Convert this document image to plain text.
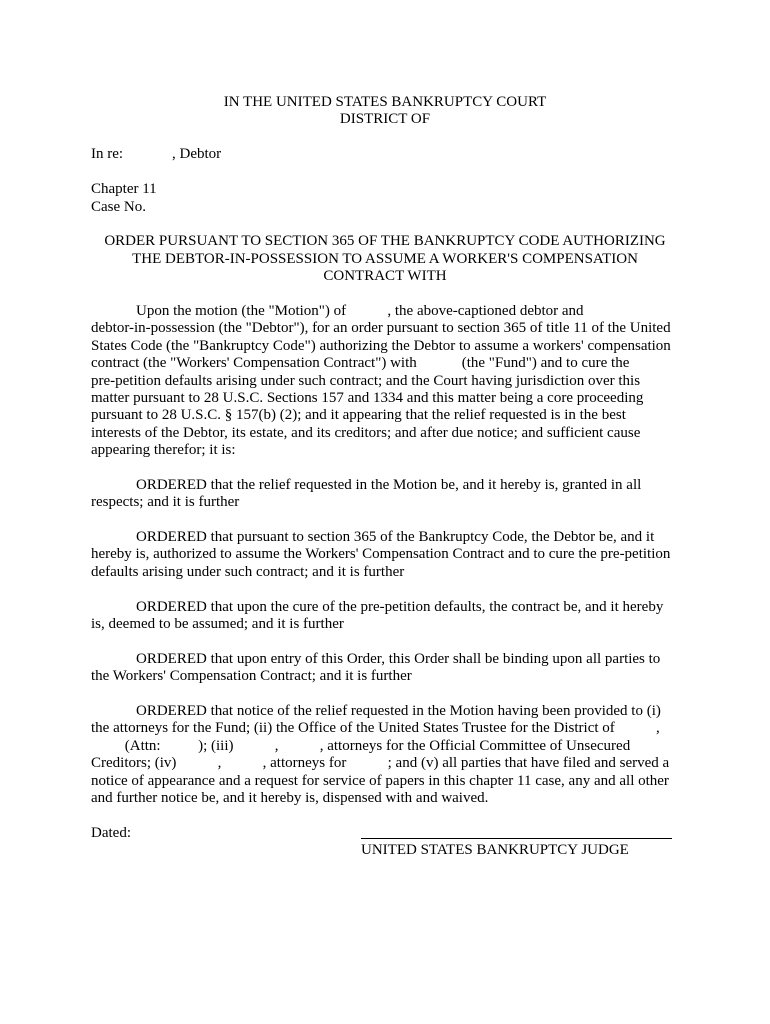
IN THE UNITED STATES BANKRUPTCY COURT
DISTRICT OF
In re:	, Debtor
Chapter 11
Case No.
ORDER PURSUANT TO SECTION 365 OF THE BANKRUPTCY CODE AUTHORIZING
THE DEBTOR-IN-POSSESSION TO ASSUME A WORKER'S COMPENSATION
CONTRACT WITH
Upon the motion (the "Motion") of           , the above-captioned debtor and
debtor-in-possession (the "Debtor"), for an order pursuant to section 365 of title 11 of the United
States Code (the "Bankruptcy Code") authorizing the Debtor to assume a workers' compensation
contract (the "Workers' Compensation Contract") with            (the "Fund") and to cure the
pre-petition defaults arising under such contract; and the Court having jurisdiction over this
matter pursuant to 28 U.S.C. Sections 157 and 1334 and this matter being a core proceeding
pursuant to 28 U.S.C. § 157(b) (2); and it appearing that the relief requested is in the best
interests of the Debtor, its estate, and its creditors; and after due notice; and sufficient cause
appearing therefor; it is:
ORDERED that the relief requested in the Motion be, and it hereby is, granted in all
respects; and it is further
ORDERED that pursuant to section 365 of the Bankruptcy Code, the Debtor be, and it
hereby is, authorized to assume the Workers' Compensation Contract and to cure the pre-petition
defaults arising under such contract; and it is further
ORDERED that upon the cure of the pre-petition defaults, the contract be, and it hereby
is, deemed to be assumed; and it is further
ORDERED that upon entry of this Order, this Order shall be binding upon all parties to
the Workers' Compensation Contract; and it is further
ORDERED that notice of the relief requested in the Motion having been provided to (i)
the attorneys for the Fund; (ii) the Office of the United States Trustee for the District of           ,
(Attn:          ); (iii)           ,           , attorneys for the Official Committee of Unsecured
Creditors; (iv)           ,           , attorneys for           ; and (v) all parties that have filed and served a
notice of appearance and a request for service of papers in this chapter 11 case, any and all other
and further notice be, and it hereby is, dispensed with and waived.
Dated:
UNITED STATES BANKRUPTCY JUDGE
